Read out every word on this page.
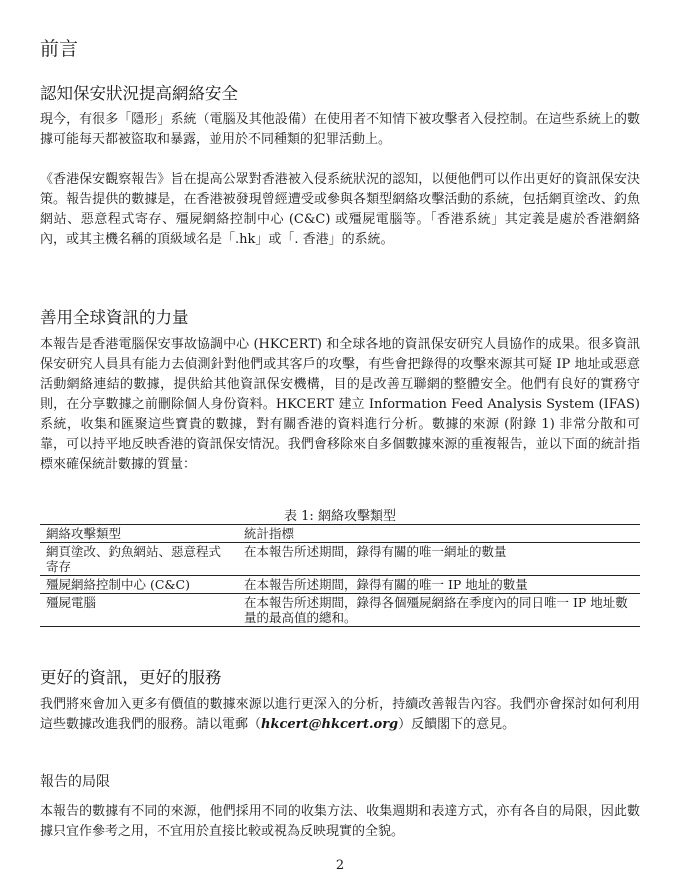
前言
認知保安狀況提高網絡安全

現今，有很多「隱形」系統（電腦及其他設備）在使用者不知情下被攻擊者入侵控制。在這些系統上的數據可能每天都被盜取和暴露，並用於不同種類的犯罪活動上。

《香港保安觀察報告》旨在提高公眾對香港被入侵系統狀況的認知，以便他們可以作出更好的資訊保安決策。報告提供的數據是，在香港被發現曾經遭受或參與各類型網絡攻擊活動的系統，包括網頁塗改、釣魚網站、惡意程式寄存、殭屍網絡控制中心 (C&C) 或殭屍電腦等。「香港系統」其定義是處於香港網絡內，或其主機名稱的頂級域名是「.hk」或「. 香港」的系統。

善用全球資訊的力量

本報告是香港電腦保安事故協調中心 (HKCERT) 和全球各地的資訊保安研究人員協作的成果。很多資訊保安研究人員具有能力去偵測針對他們或其客戶的攻擊，有些會把錄得的攻擊來源其可疑 IP 地址或惡意活動網絡連結的數據，提供給其他資訊保安機構，目的是改善互聯網的整體安全。他們有良好的實務守則，在分享數據之前刪除個人身份資料。HKCERT 建立 Information Feed Analysis System (IFAS) 系統，收集和匯聚這些寶貴的數據，對有關香港的資料進行分析。數據的來源 (附錄 1) 非常分散和可靠，可以持平地反映香港的資訊保安情況。我們會移除來自多個數據來源的重複報告，並以下面的統計指標來確保統計數據的質量：

表 1: 網絡攻擊類型
網絡攻擊類型	統計指標
網頁塗改、釣魚網站、惡意程式寄存	在本報告所述期間，錄得有關的唯一網址的數量
殭屍網絡控制中心 (C&C)	在本報告所述期間，錄得有關的唯一 IP 地址的數量
殭屍電腦	在本報告所述期間，錄得各個殭屍網絡在季度內的同日唯一 IP 地址數量的最高值的總和。
更好的資訊，更好的服務

我們將來會加入更多有價值的數據來源以進行更深入的分析，持續改善報告內容。我們亦會探討如何利用這些數據改進我們的服務。請以電郵（hkcert@hkcert.org）反饋閣下的意見。

報告的局限

本報告的數據有不同的來源，他們採用不同的收集方法、收集週期和表達方式，亦有各自的局限，因此數據只宜作參考之用，不宜用於直接比較或視為反映現實的全貌。

2
